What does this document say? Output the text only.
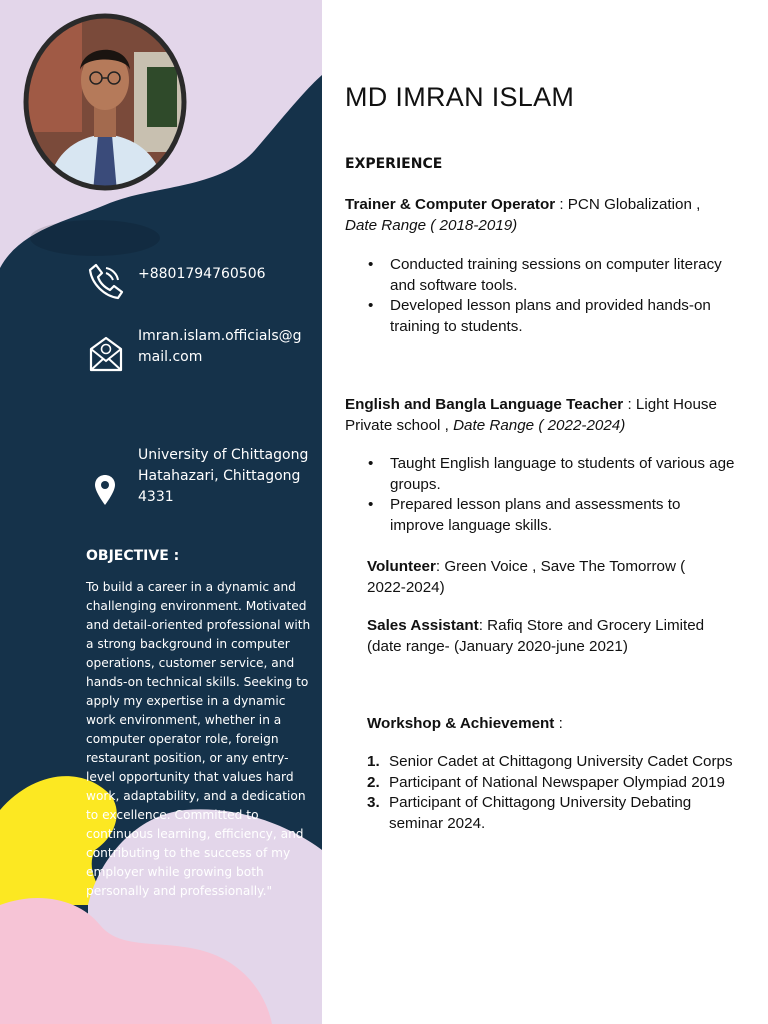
+8801794760506
Imran.islam.officials@gmail.com
University of Chittagong Hatahazari, Chittagong 4331
OBJECTIVE :
To build a career in a dynamic and challenging environment. Motivated and detail-oriented professional with a strong background in computer operations, customer service, and hands-on technical skills. Seeking to apply my expertise in a dynamic work environment, whether in a computer operator role, foreign restaurant position, or any entry-level opportunity that values hard work, adaptability, and a dedication to excellence. Committed to continuous learning, efficiency, and contributing to the success of my employer while growing both personally and professionally."
MD IMRAN ISLAM
EXPERIENCE
Trainer & Computer Operator : PCN Globalization , Date Range ( 2018-2019)
• Conducted training sessions on computer literacy and software tools.
• Developed lesson plans and provided hands-on training to students.
English and Bangla Language Teacher : Light House Private school , Date Range ( 2022-2024)
• Taught English language to students of various age groups.
• Prepared lesson plans and assessments to improve language skills.
Volunteer: Green Voice , Save The Tomorrow ( 2022-2024)
Sales Assistant: Rafiq Store and Grocery Limited (date range- (January 2020-june 2021)
Workshop & Achievement :
1. Senior Cadet at Chittagong University Cadet Corps
2. Participant of National Newspaper Olympiad 2019
3. Participant of Chittagong University Debating seminar 2024.
